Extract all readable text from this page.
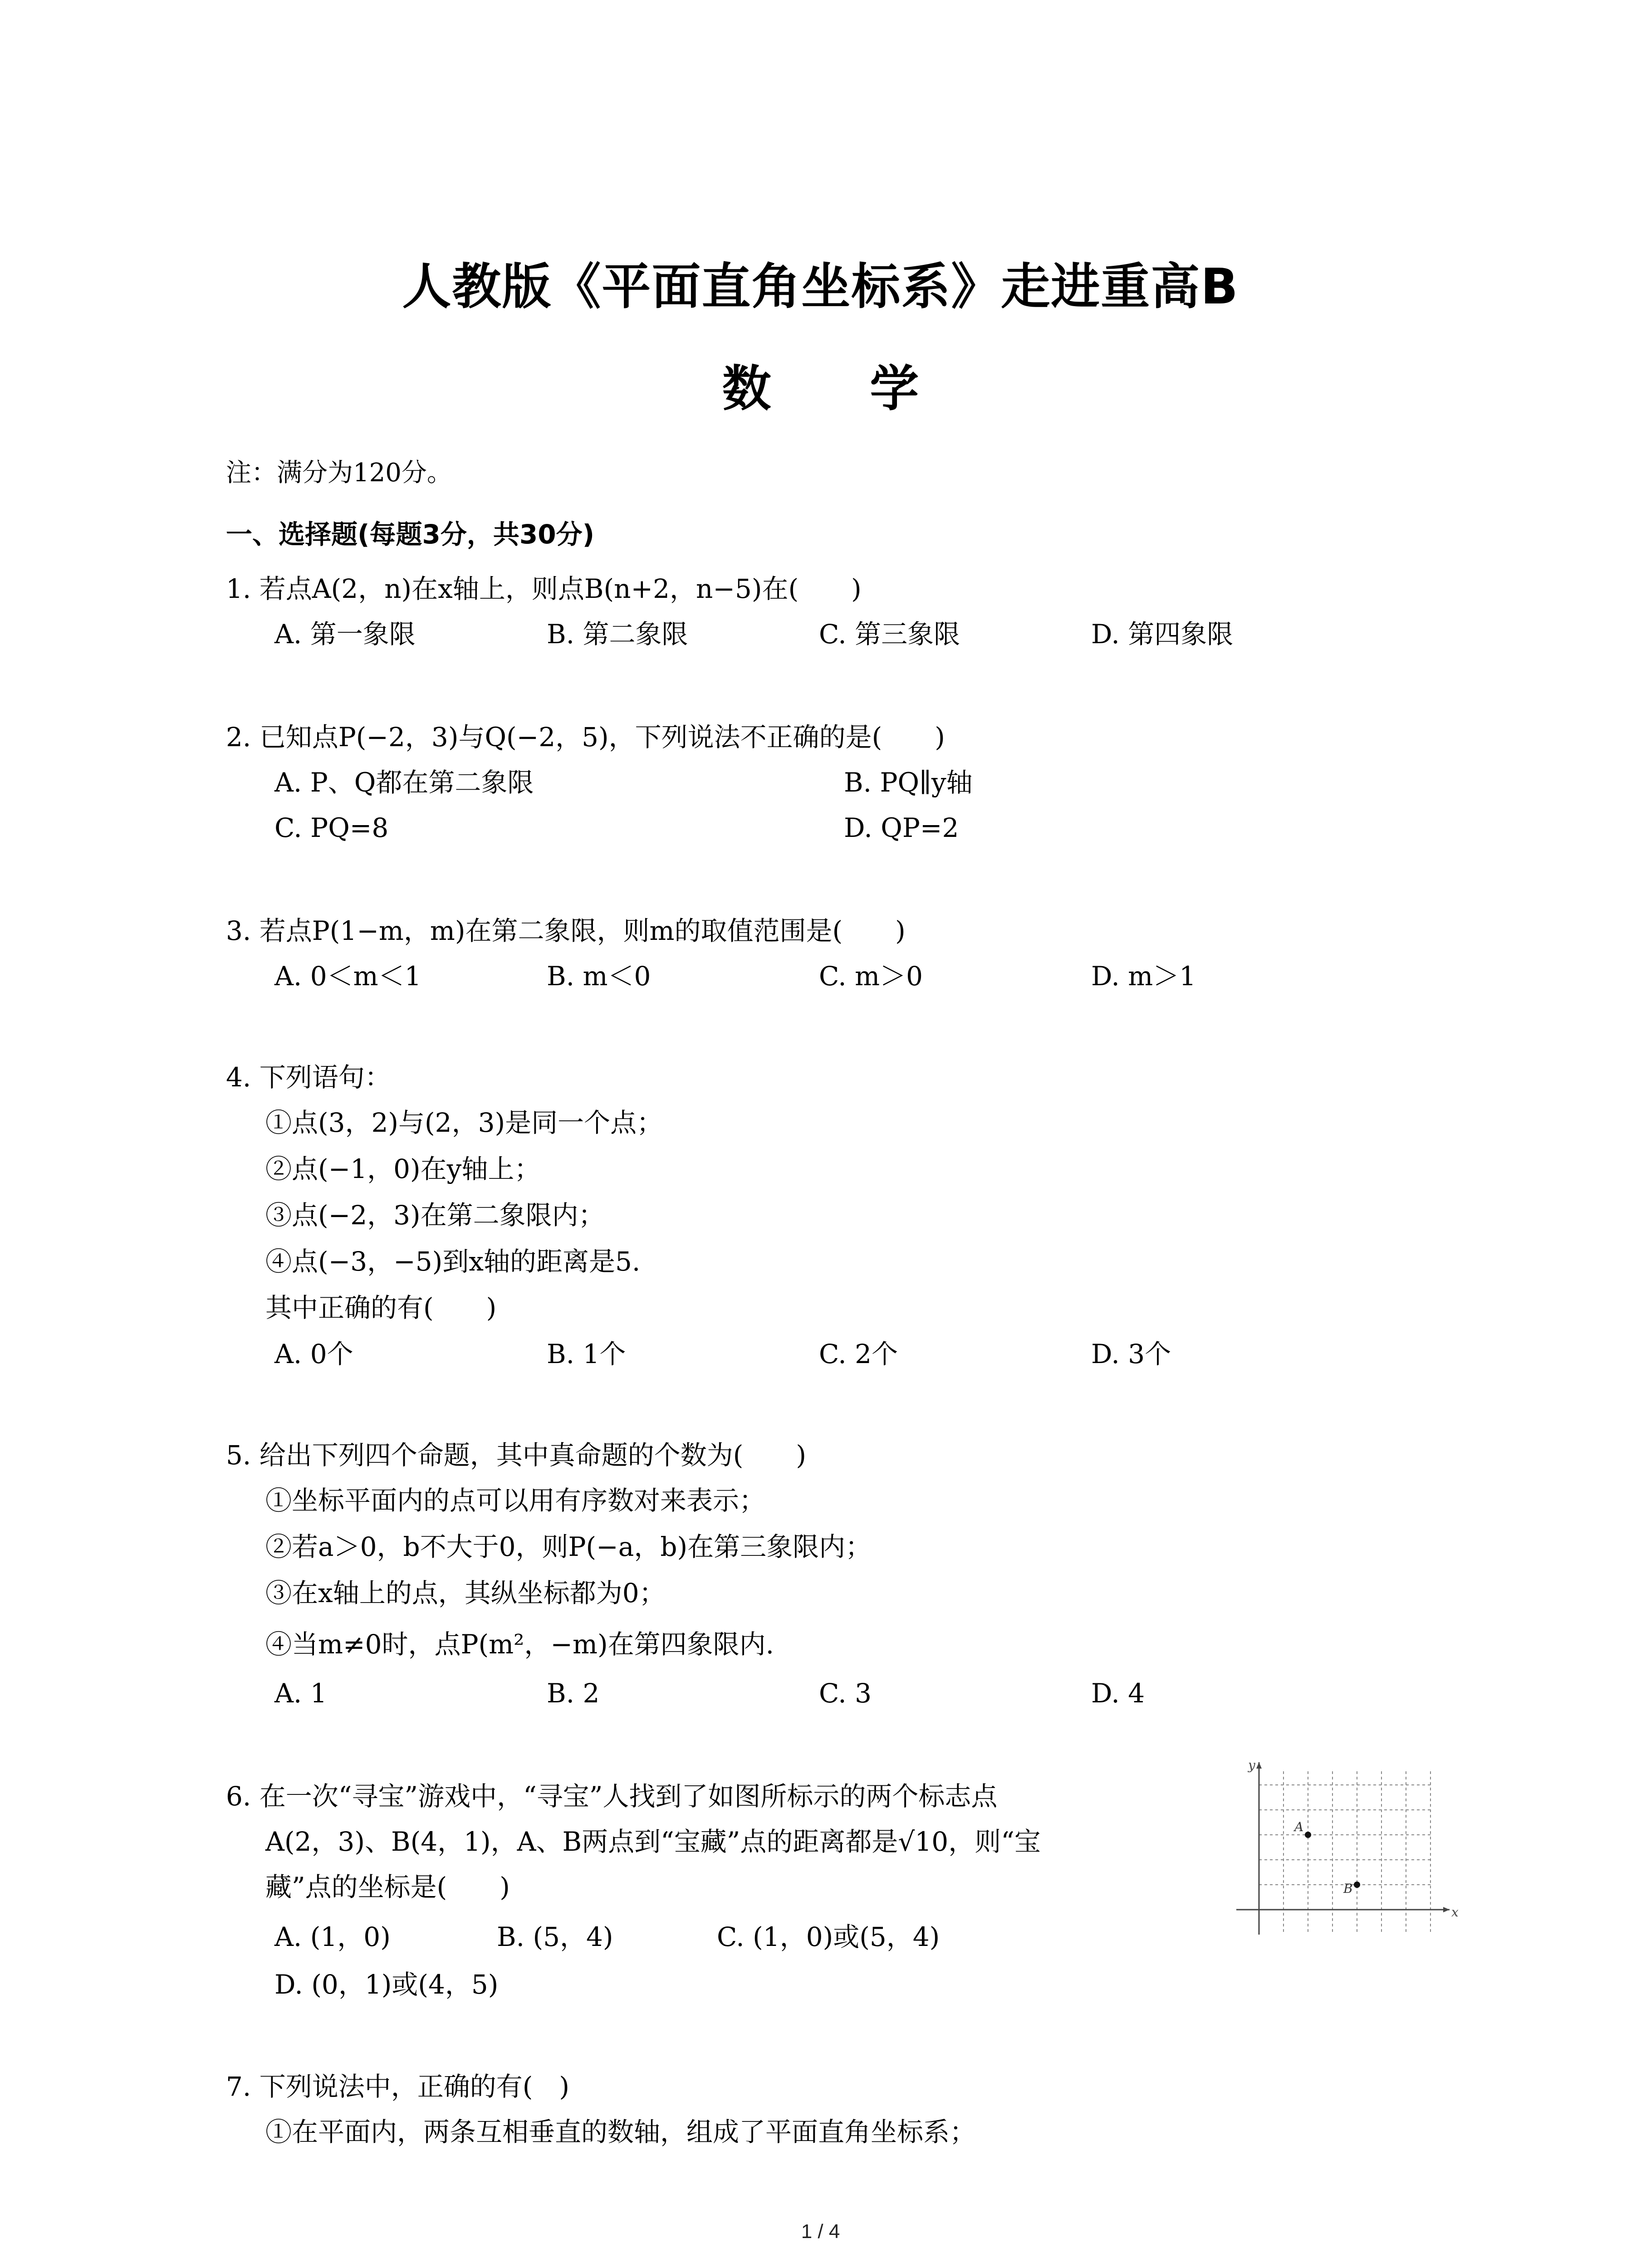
人教版《平面直角坐标系》走进重高B
数 学
注：满分为120分。
一、选择题(每题3分，共30分)
1. 若点A(2，n)在x轴上，则点B(n+2，n−5)在(　　)
A. 第一象限	B. 第二象限	C. 第三象限	D. 第四象限
2. 已知点P(−2，3)与Q(−2，5)，下列说法不正确的是(　　)
A. P、Q都在第二象限	B. PQ∥y轴
C. PQ=8	D. QP=2
3. 若点P(1−m，m)在第二象限，则m的取值范围是(　　)
A. 0＜m＜1	B. m＜0	C. m＞0	D. m＞1
4. 下列语句：
①点(3，2)与(2，3)是同一个点；
②点(−1，0)在y轴上；
③点(−2，3)在第二象限内；
④点(−3，−5)到x轴的距离是5.
其中正确的有(　　)
A. 0个	B. 1个	C. 2个	D. 3个
5. 给出下列四个命题，其中真命题的个数为(　　)
①坐标平面内的点可以用有序数对来表示；
②若a＞0，b不大于0，则P(−a，b)在第三象限内；
③在x轴上的点，其纵坐标都为0；
④当m≠0时，点P(m²，−m)在第四象限内.
A. 1	B. 2	C. 3	D. 4
6. 在一次“寻宝”游戏中，“寻宝”人找到了如图所标示的两个标志点
A(2，3)、B(4，1)，A、B两点到“宝藏”点的距离都是√10，则“宝
藏”点的坐标是(　　)
A. (1，0)	B. (5，4)	C. (1，0)或(5，4)
D. (0，1)或(4，5)
x
y
A
B
7. 下列说法中，正确的有(　)
①在平面内，两条互相垂直的数轴，组成了平面直角坐标系；
1 / 4
